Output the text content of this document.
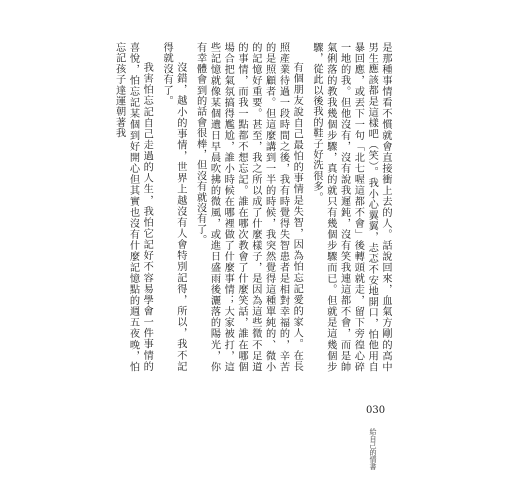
是那種事情看不慣就會直接衝上去的人。話說回來，血氣方剛的高中男生應該都是這樣吧（笑）。我小心翼翼，忐忑不安地開口，怕他用自暴回應，或丟下一句「北七喔這都不會」後轉頭就走，留下旁徨心碎一地的我。但他沒有，沒有說我遲鈍，沒有笑我連這都不會，而是帥氣俐落的教我幾個步驟，真的就只有幾個步驟而已。但就是這幾個步驟，從此以後我的鞋子好洗很多。

有個朋友說自己最怕的事情是失智，因為怕忘記愛的家人。在長照產業待過一段時間之後，我有時覺得失智患者是相對幸福的，辛苦的是照顧者。但這麼講到一半的時候，我突然覺得這種單純的、微小的記憶好重要。甚至，我之所以成了什麼樣子，是因為這些微不足道的事情，而我一點都不想忘記。誰在哪次教會了什麼笑話，誰在哪個場合把氣氛搞得尷尬，誰小時候在哪裡做了什麼事情；大家被打，這些記憶就像某個遺日早晨吹拂的微風，或進日盛雨後灑落的陽光，你有幸體會到的話會很棒，但沒有就沒有了。

沒錯，越小的事情，世界上越沒有人會特別記得，所以，我不記得就沒有了。

我害怕忘記自己走過的人生，我怕它記好不容易學會一件事情的喜悅，怕忘記某個到好開心但其實也沒有什麼記憶點的週五夜晚，怕忘記孩子達運朝著我

030
給自己
的情書
